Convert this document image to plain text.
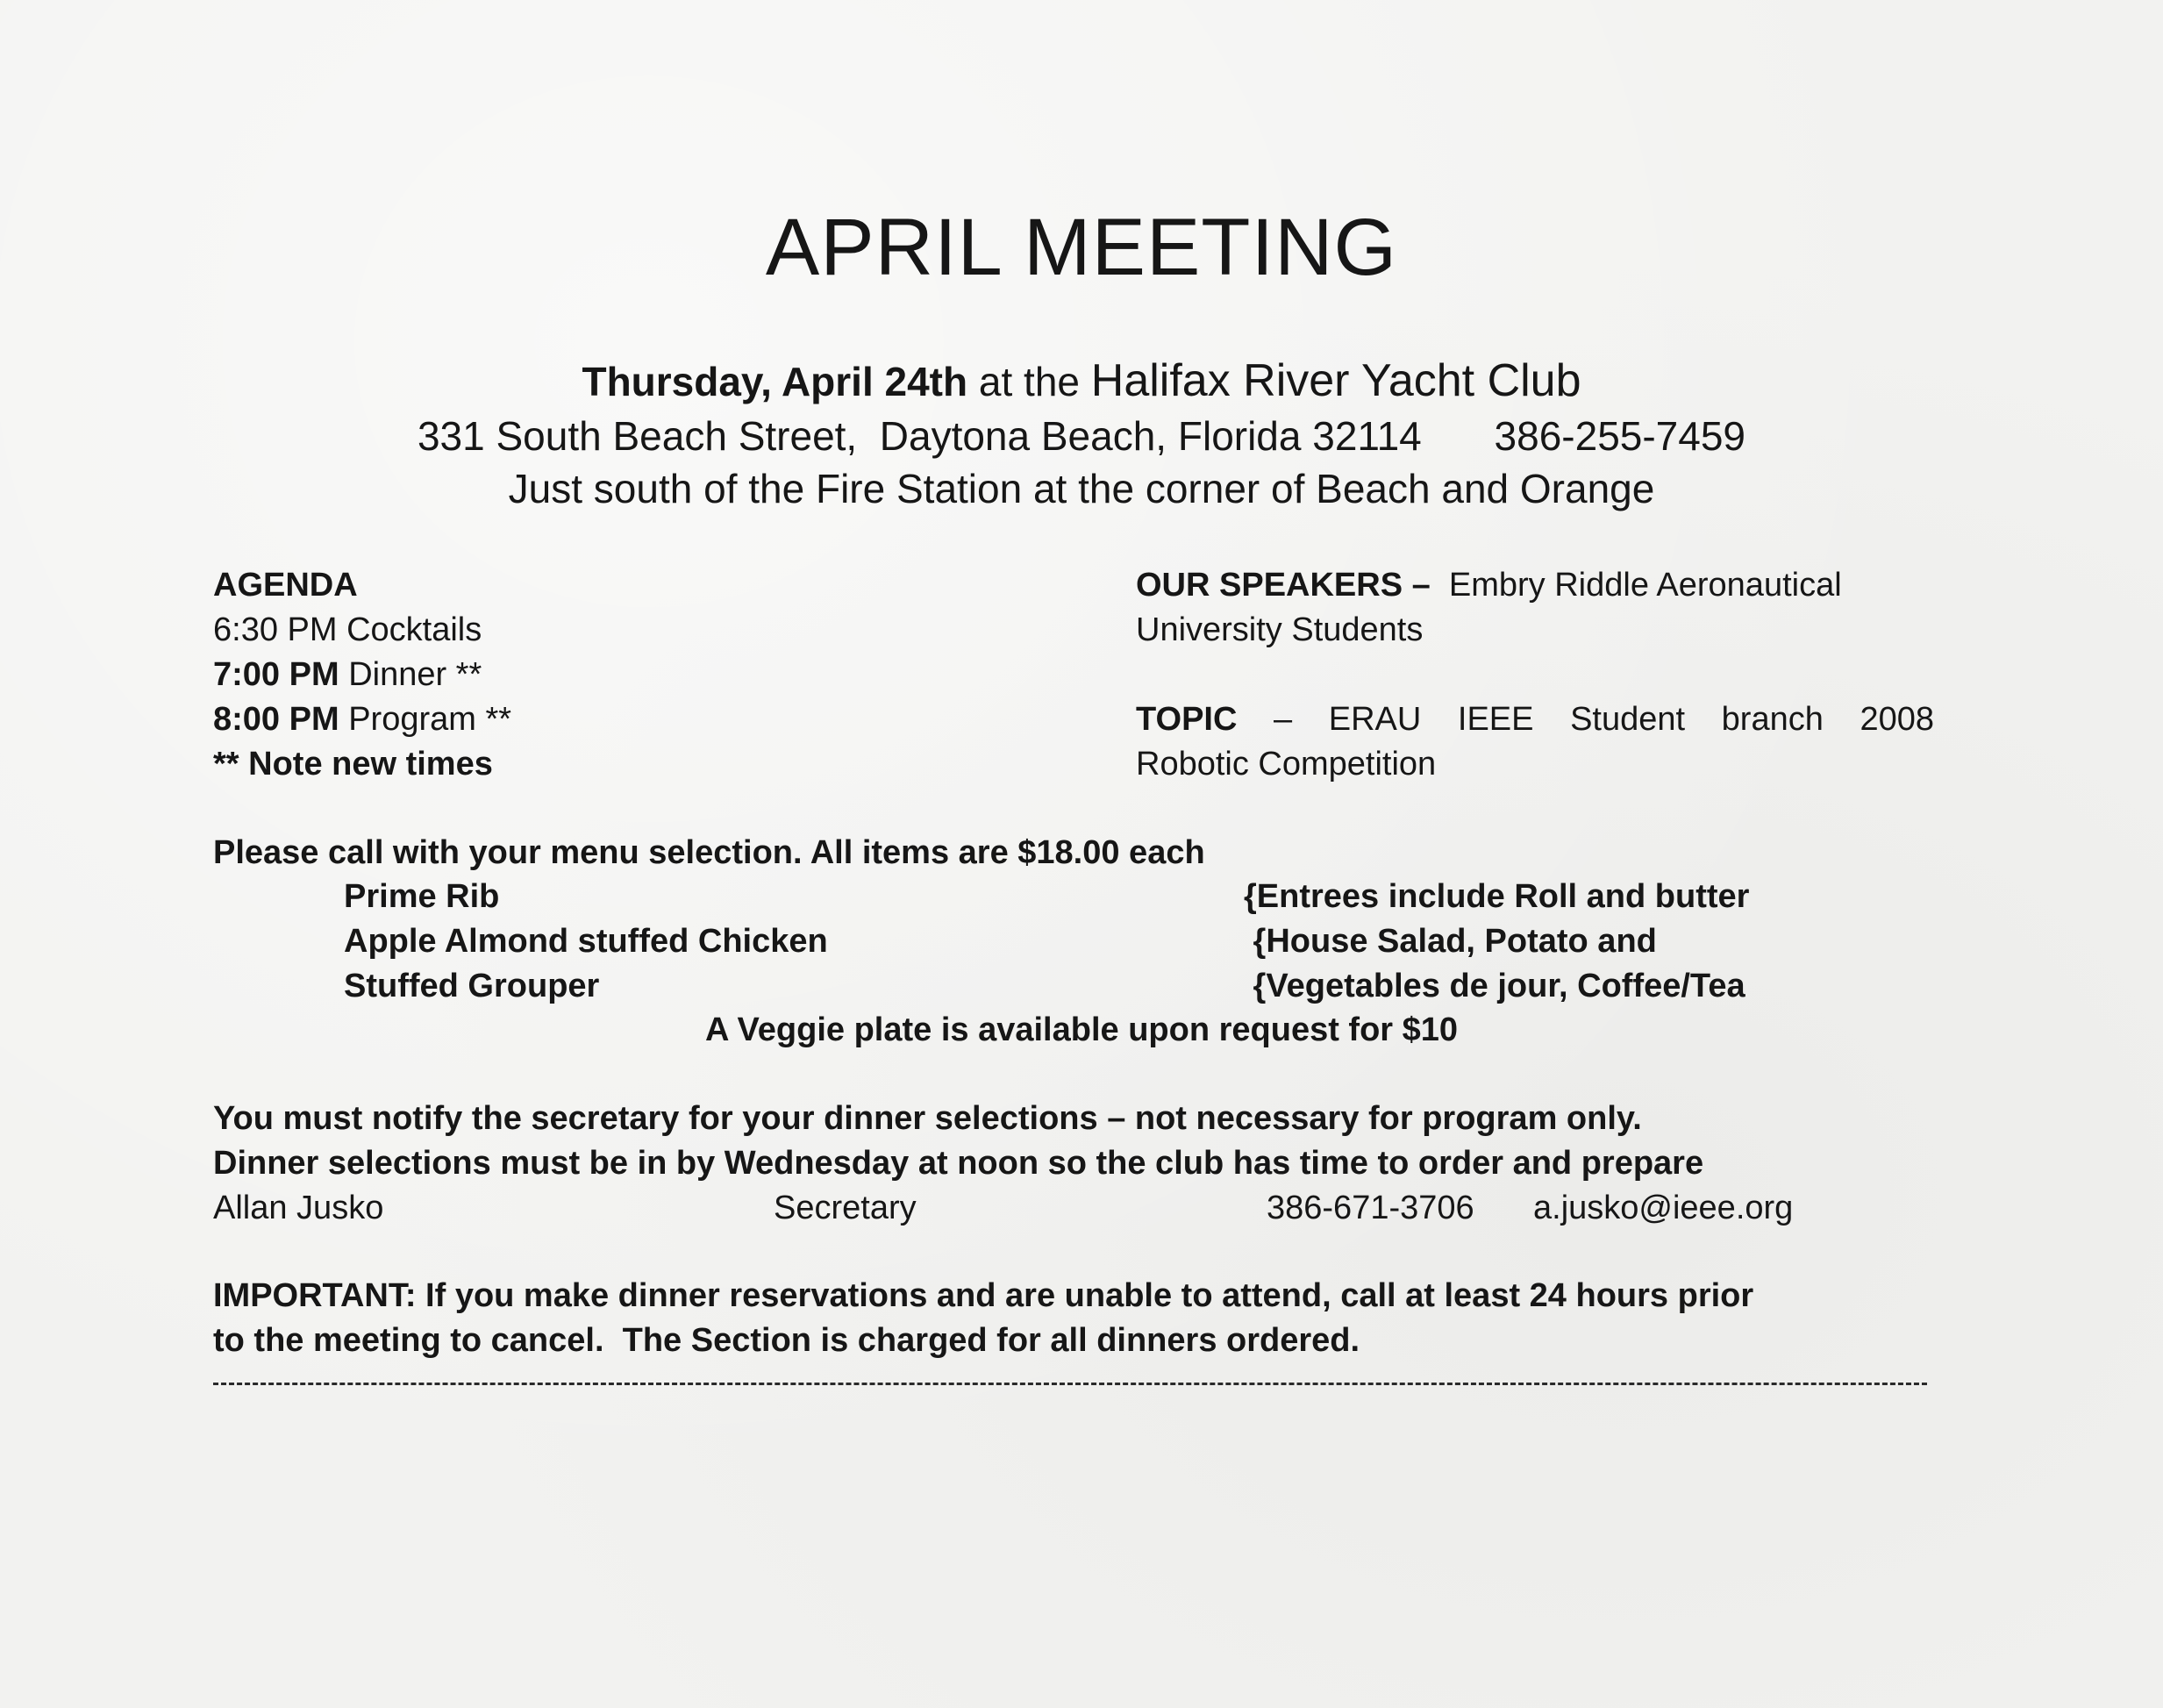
APRIL MEETING
Thursday, April 24th at the Halifax River Yacht Club
331 South Beach Street,  Daytona Beach, Florida 32114 386-255-7459
Just south of the Fire Station at the corner of Beach and Orange
AGENDA
6:30 PM Cocktails
7:00 PM Dinner **
8:00 PM Program **
** Note new times
OUR SPEAKERS – Embry Riddle Aeronautical
University Students
TOPIC – ERAU IEEE Student branch 2008
Robotic Competition
Please call with your menu selection. All items are $18.00 each
Prime Rib
Apple Almond stuffed Chicken
Stuffed Grouper
{Entrees include Roll and butter
{House Salad, Potato and
{Vegetables de jour, Coffee/Tea
A Veggie plate is available upon request for $10
You must notify the secretary for your dinner selections – not necessary for program only.
Dinner selections must be in by Wednesday at noon so the club has time to order and prepare
Allan Jusko	Secretary	386-671-3706 a.jusko@ieee.org
IMPORTANT: If you make dinner reservations and are unable to attend, call at least 24 hours prior
to the meeting to cancel.  The Section is charged for all dinners ordered.
